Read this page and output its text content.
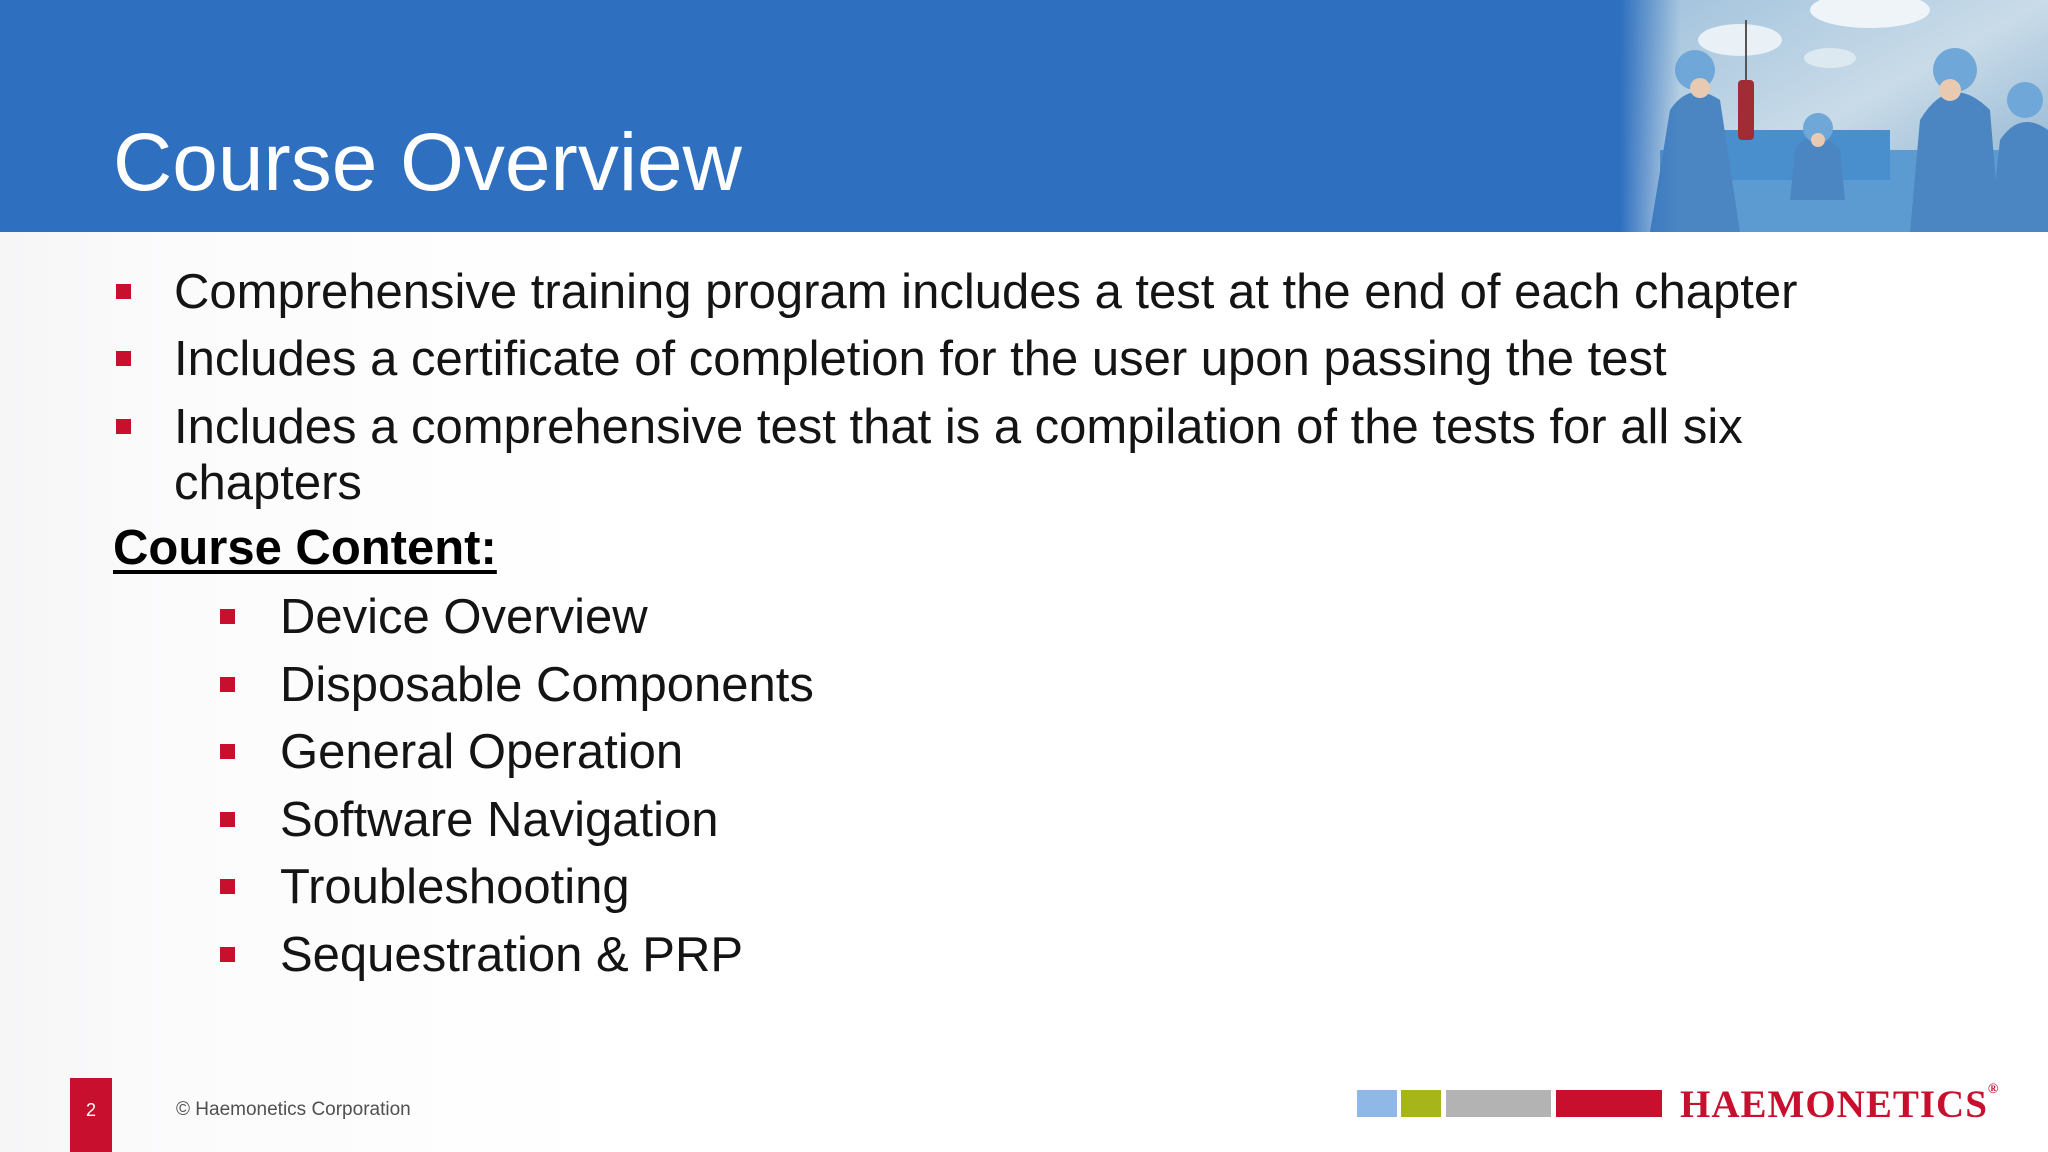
Course Overview
Comprehensive training program includes a test at the end of each chapter
Includes a certificate of completion for the user upon passing the test
Includes a comprehensive test that is a compilation of the tests for all six
chapters
Course Content:
Device Overview
Disposable Components
General Operation
Software Navigation
Troubleshooting
Sequestration & PRP
2	© Haemonetics Corporation	HAEMONETICS®
